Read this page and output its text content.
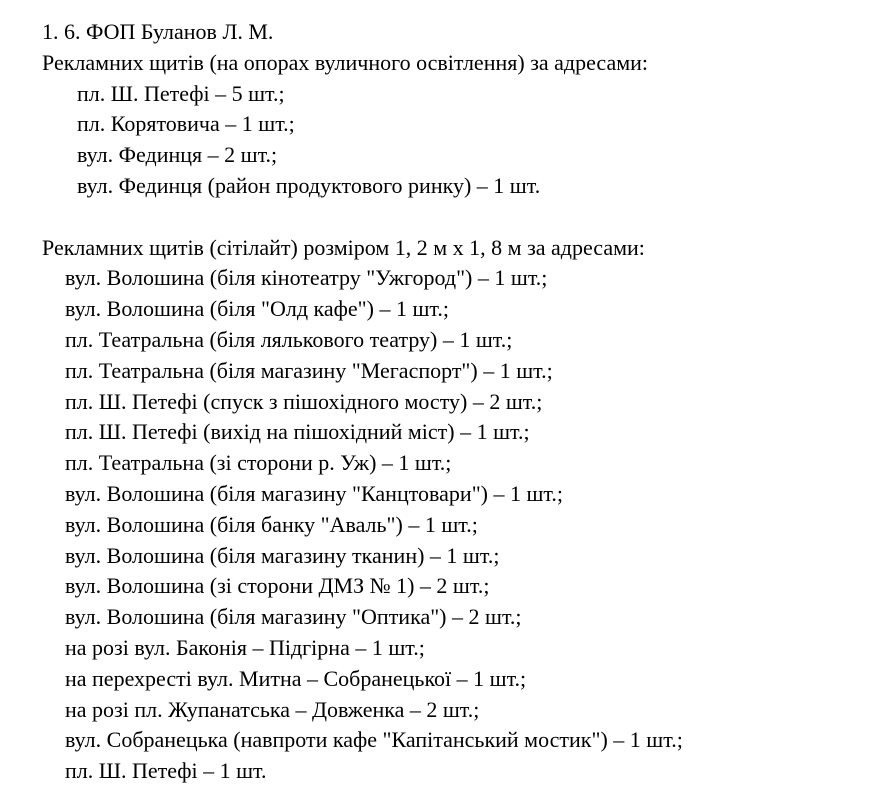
1. 6. ФОП Буланов Л. М.
Рекламних щитів (на опорах вуличного освітлення) за адресами:
пл. Ш. Петефі – 5 шт.;
пл. Корятовича – 1 шт.;
вул. Фединця – 2 шт.;
вул. Фединця (район продуктового ринку) – 1 шт.
Рекламних щитів (сітілайт) розміром 1, 2 м х 1, 8 м за адресами:
вул. Волошина (біля кінотеатру "Ужгород") – 1 шт.;
вул. Волошина (біля "Олд кафе") – 1 шт.;
пл. Театральна (біля лялькового театру) – 1 шт.;
пл. Театральна (біля магазину "Мегаспорт") – 1 шт.;
пл. Ш. Петефі (спуск з пішохідного мосту) – 2 шт.;
пл. Ш. Петефі (вихід на пішохідний міст) – 1 шт.;
пл. Театральна (зі сторони р. Уж) – 1 шт.;
вул. Волошина (біля магазину "Канцтовари") – 1 шт.;
вул. Волошина (біля банку "Аваль") – 1 шт.;
вул. Волошина (біля магазину тканин) – 1 шт.;
вул. Волошина (зі сторони ДМЗ № 1) – 2 шт.;
вул. Волошина (біля магазину "Оптика") – 2 шт.;
на розі вул. Баконія – Підгірна – 1 шт.;
на перехресті вул. Митна – Собранецької – 1 шт.;
на розі пл. Жупанатська – Довженка – 2 шт.;
вул. Собранецька (навпроти кафе "Капітанський мостик") – 1 шт.;
пл. Ш. Петефі – 1 шт.
